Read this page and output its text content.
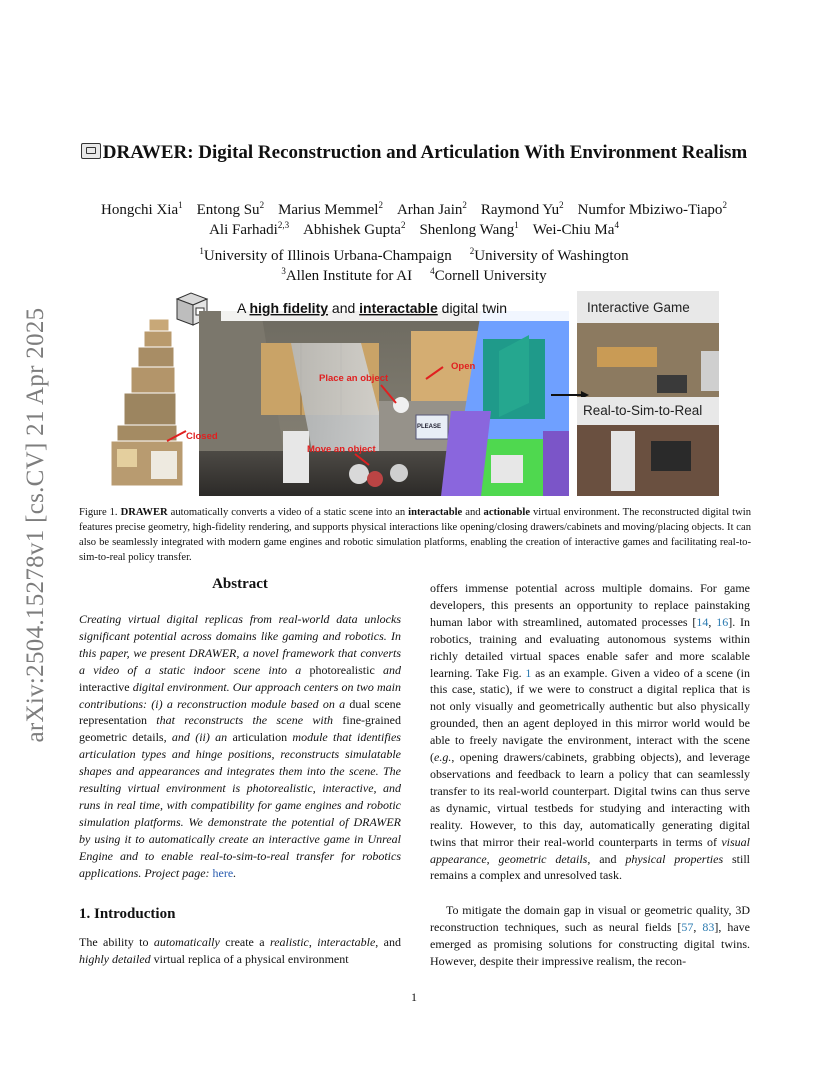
arXiv:2504.15278v1 [cs.CV] 21 Apr 2025
DRAWER: Digital Reconstruction and Articulation With Environment Realism
Hongchi Xia$^1$ Entong Su$^2$ Marius Memmel$^2$ Arhan Jain$^2$ Raymond Yu$^2$ Numfor Mbiziwo-Tiapo$^2$
Ali Farhadi$^{2,3}$ Abhishek Gupta$^2$ Shenlong Wang$^1$ Wei-Chiu Ma$^4$
$^1$University of Illinois Urbana-Champaign $^2$University of Washington
$^3$Allen Institute for AI $^4$Cornell University
A high fidelity and interactable digital twin
Place an object
Open
Closed
Move an object
PLEASE
Interactive Game
Real-to-Sim-to-Real
Figure 1. DRAWER automatically converts a video of a static scene into an interactable and actionable virtual environment. The reconstructed digital twin features precise geometry, high-fidelity rendering, and supports physical interactions like opening/closing drawers/cabinets and moving/placing objects. It can also be seamlessly integrated with modern game engines and robotic simulation platforms, enabling the creation of interactive games and facilitating real-to-sim-to-real policy transfer.
Abstract
Creating virtual digital replicas from real-world data unlocks significant potential across domains like gaming and robotics. In this paper, we present DRAWER, a novel framework that converts a video of a static indoor scene into a photorealistic and interactive digital environment. Our approach centers on two main contributions: (i) a reconstruction module based on a dual scene representation that reconstructs the scene with fine-grained geometric details, and (ii) an articulation module that identifies articulation types and hinge positions, reconstructs simulatable shapes and appearances and integrates them into the scene. The resulting virtual environment is photorealistic, interactive, and runs in real time, with compatibility for game engines and robotic simulation platforms. We demonstrate the potential of DRAWER by using it to automatically create an interactive game in Unreal Engine and to enable real-to-sim-to-real transfer for robotics applications. Project page: here.
1. Introduction
The ability to automatically create a realistic, interactable, and highly detailed virtual replica of a physical environment
offers immense potential across multiple domains. For game developers, this presents an opportunity to replace painstaking human labor with streamlined, automated processes [14, 16]. In robotics, training and evaluating autonomous systems within richly detailed virtual spaces enable safer and more scalable learning. Take Fig. 1 as an example. Given a video of a scene (in this case, static), if we were to construct a digital replica that is not only visually and geometrically authentic but also physically grounded, then an agent deployed in this mirror world would be able to freely navigate the environment, interact with the scene (e.g., opening drawers/cabinets, grabbing objects), and leverage observations and feedback to learn a policy that can seamlessly transfer to its real-world counterpart. Digital twins can thus serve as dynamic, virtual testbeds for studying and interacting with reality. However, to this day, automatically generating digital twins that mirror their real-world counterparts in terms of visual appearance, geometric details, and physical properties still remains a complex and unresolved task.
To mitigate the domain gap in visual or geometric quality, 3D reconstruction techniques, such as neural fields [57, 83], have emerged as promising solutions for constructing digital twins. However, despite their impressive realism, the recon-
1
